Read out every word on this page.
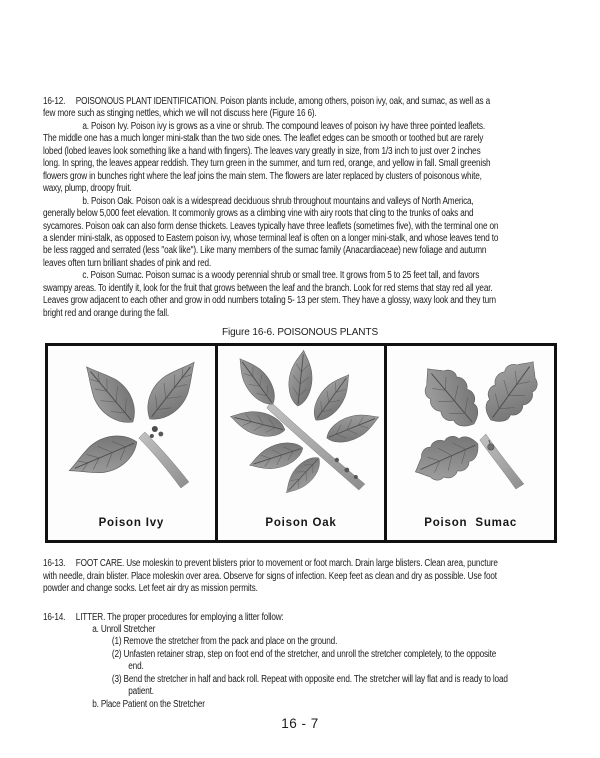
16-12. POISONOUS PLANT IDENTIFICATION. Poison plants include, among others, poison ivy, oak, and sumac, as well as a
few more such as stinging nettles, which we will not discuss here (Figure 16 6).
a. Poison Ivy. Poison ivy is grows as a vine or shrub. The compound leaves of poison ivy have three pointed leaflets.
The middle one has a much longer mini-stalk than the two side ones. The leaflet edges can be smooth or toothed but are rarely
lobed (lobed leaves look something like a hand with fingers). The leaves vary greatly in size, from 1/3 inch to just over 2 inches
long. In spring, the leaves appear reddish. They turn green in the summer, and turn red, orange, and yellow in fall. Small greenish
flowers grow in bunches right where the leaf joins the main stem. The flowers are later replaced by clusters of poisonous white,
waxy, plump, droopy fruit.
b. Poison Oak. Poison oak is a widespread deciduous shrub throughout mountains and valleys of North America,
generally below 5,000 feet elevation. It commonly grows as a climbing vine with airy roots that cling to the trunks of oaks and
sycamores. Poison oak can also form dense thickets. Leaves typically have three leaflets (sometimes five), with the terminal one on
a slender mini-stalk, as opposed to Eastern poison ivy, whose terminal leaf is often on a longer mini-stalk, and whose leaves tend to
be less ragged and serrated (less "oak like"). Like many members of the sumac family (Anacardiaceae) new foliage and autumn
leaves often turn brilliant shades of pink and red.
c. Poison Sumac. Poison sumac is a woody perennial shrub or small tree. It grows from 5 to 25 feet tall, and favors
swampy areas. To identify it, look for the fruit that grows between the leaf and the branch. Look for red stems that stay red all year.
Leaves grow adjacent to each other and grow in odd numbers totaling 5- 13 per stem. They have a glossy, waxy look and they turn
bright red and orange during the fall.
Figure 16-6. POISONOUS PLANTS
Poison Ivy	Poison Oak	Poison  Sumac
16-13. FOOT CARE. Use moleskin to prevent blisters prior to movement or foot march. Drain large blisters. Clean area, puncture
with needle, drain blister. Place moleskin over area. Observe for signs of infection. Keep feet as clean and dry as possible. Use foot
powder and change socks. Let feet air dry as mission permits.
16-14. LITTER. The proper procedures for employing a litter follow:
a. Unroll Stretcher
(1) Remove the stretcher from the pack and place on the ground.
(2) Unfasten retainer strap, step on foot end of the stretcher, and unroll the stretcher completely, to the opposite
end.
(3) Bend the stretcher in half and back roll. Repeat with opposite end. The stretcher will lay flat and is ready to load
patient.
b. Place Patient on the Stretcher
16 - 7
